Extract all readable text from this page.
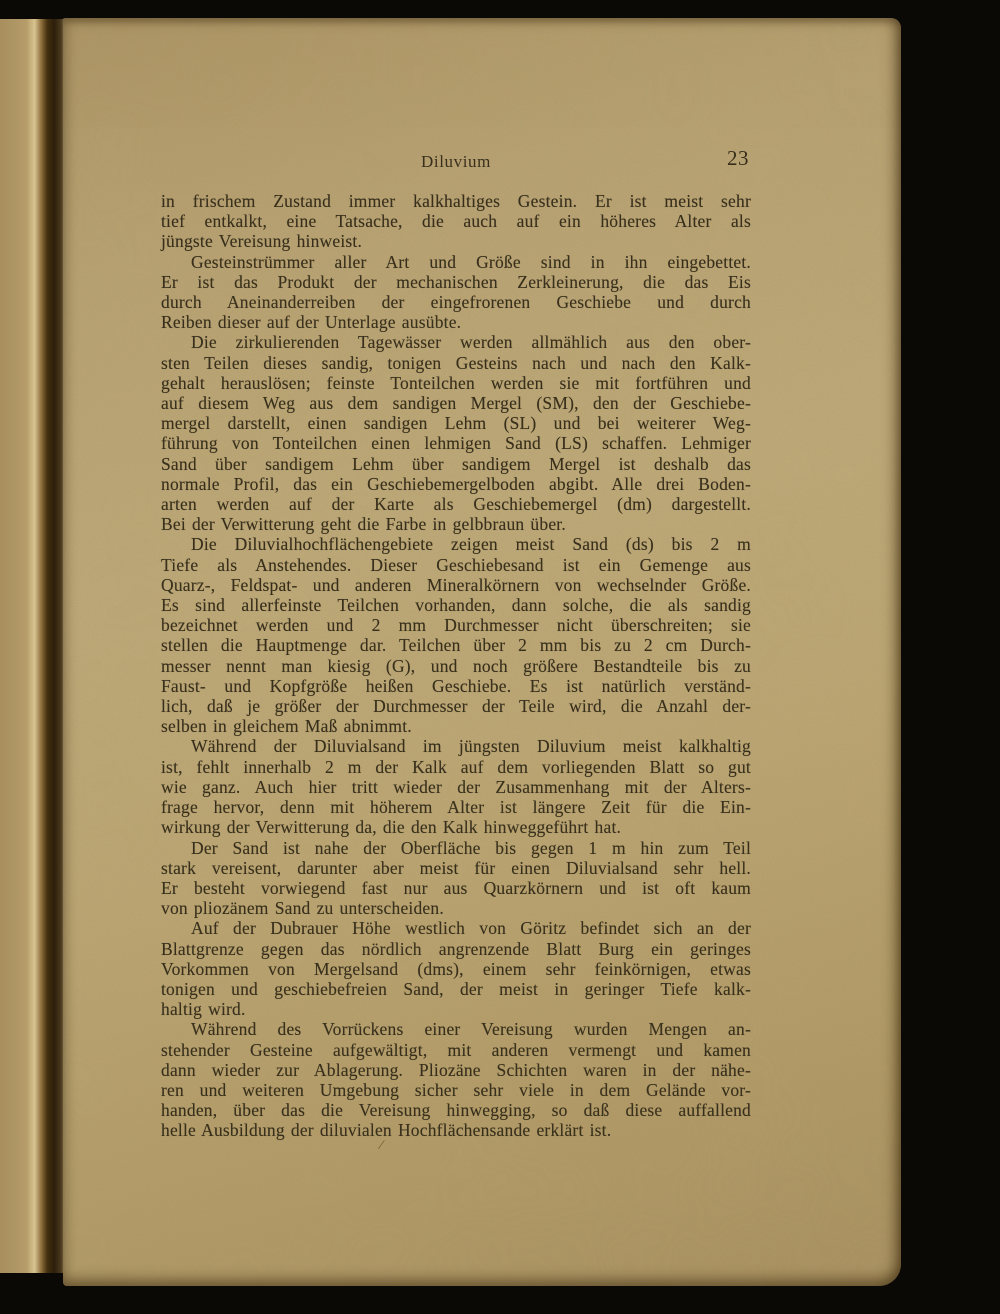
Diluvium	23
in frischem Zustand immer kalkhaltiges Gestein. Er ist meist sehr
tief entkalkt, eine Tatsache, die auch auf ein höheres Alter als
jüngste Vereisung hinweist.
Gesteinstrümmer aller Art und Größe sind in ihn eingebettet.
Er ist das Produkt der mechanischen Zerkleinerung, die das Eis
durch Aneinanderreiben der eingefrorenen Geschiebe und durch
Reiben dieser auf der Unterlage ausübte.
Die zirkulierenden Tagewässer werden allmählich aus den ober-
sten Teilen dieses sandig, tonigen Gesteins nach und nach den Kalk-
gehalt herauslösen; feinste Tonteilchen werden sie mit fortführen und
auf diesem Weg aus dem sandigen Mergel (SM), den der Geschiebe-
mergel darstellt, einen sandigen Lehm (SL) und bei weiterer Weg-
führung von Tonteilchen einen lehmigen Sand (LS) schaffen. Lehmiger
Sand über sandigem Lehm über sandigem Mergel ist deshalb das
normale Profil, das ein Geschiebemergelboden abgibt. Alle drei Boden-
arten werden auf der Karte als Geschiebemergel (dm) dargestellt.
Bei der Verwitterung geht die Farbe in gelbbraun über.
Die Diluvialhochflächengebiete zeigen meist Sand (ds) bis 2 m
Tiefe als Anstehendes. Dieser Geschiebesand ist ein Gemenge aus
Quarz-, Feldspat- und anderen Mineralkörnern von wechselnder Größe.
Es sind allerfeinste Teilchen vorhanden, dann solche, die als sandig
bezeichnet werden und 2 mm Durchmesser nicht überschreiten; sie
stellen die Hauptmenge dar. Teilchen über 2 mm bis zu 2 cm Durch-
messer nennt man kiesig (G), und noch größere Bestandteile bis zu
Faust- und Kopfgröße heißen Geschiebe. Es ist natürlich verständ-
lich, daß je größer der Durchmesser der Teile wird, die Anzahl der-
selben in gleichem Maß abnimmt.
Während der Diluvialsand im jüngsten Diluvium meist kalkhaltig
ist, fehlt innerhalb 2 m der Kalk auf dem vorliegenden Blatt so gut
wie ganz. Auch hier tritt wieder der Zusammenhang mit der Alters-
frage hervor, denn mit höherem Alter ist längere Zeit für die Ein-
wirkung der Verwitterung da, die den Kalk hinweggeführt hat.
Der Sand ist nahe der Oberfläche bis gegen 1 m hin zum Teil
stark vereisent, darunter aber meist für einen Diluvialsand sehr hell.
Er besteht vorwiegend fast nur aus Quarzkörnern und ist oft kaum
von pliozänem Sand zu unterscheiden.
Auf der Dubrauer Höhe westlich von Göritz befindet sich an der
Blattgrenze gegen das nördlich angrenzende Blatt Burg ein geringes
Vorkommen von Mergelsand (dms), einem sehr feinkörnigen, etwas
tonigen und geschiebefreien Sand, der meist in geringer Tiefe kalk-
haltig wird.
Während des Vorrückens einer Vereisung wurden Mengen an-
stehender Gesteine aufgewältigt, mit anderen vermengt und kamen
dann wieder zur Ablagerung. Pliozäne Schichten waren in der nähe-
ren und weiteren Umgebung sicher sehr viele in dem Gelände vor-
handen, über das die Vereisung hinwegging, so daß diese auffallend
helle Ausbildung der diluvialen Hochflächensande erklärt ist.
/
